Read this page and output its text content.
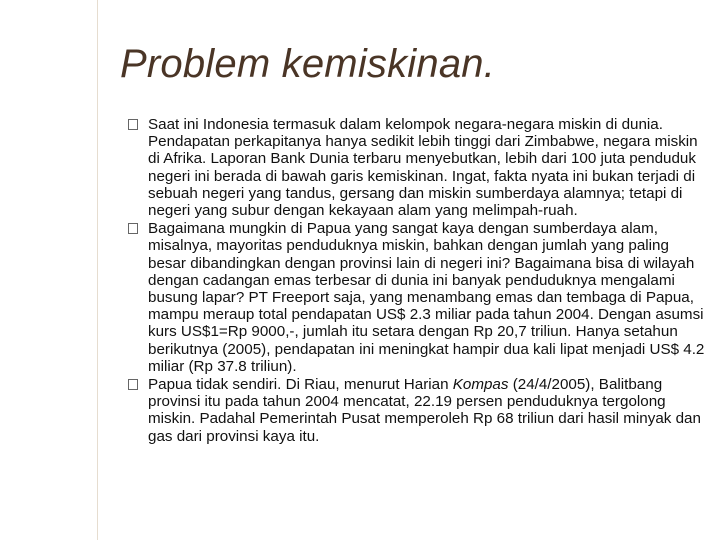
Problem kemiskinan.
Saat ini Indonesia termasuk dalam kelompok negara-negara miskin di dunia. Pendapatan perkapitanya hanya sedikit lebih tinggi dari Zimbabwe, negara miskin di Afrika. Laporan Bank Dunia terbaru menyebutkan, lebih dari 100 juta penduduk negeri ini berada di bawah garis kemiskinan. Ingat, fakta nyata ini bukan terjadi di sebuah negeri yang tandus, gersang dan miskin sumberdaya alamnya; tetapi di negeri yang subur dengan kekayaan alam yang melimpah-ruah.
Bagaimana mungkin di Papua yang sangat kaya dengan sumberdaya alam, misalnya, mayoritas penduduknya miskin, bahkan dengan jumlah yang paling besar dibandingkan dengan provinsi lain di negeri ini? Bagaimana bisa di wilayah dengan cadangan emas terbesar di dunia ini banyak penduduknya mengalami busung lapar? PT Freeport saja, yang menambang emas dan tembaga di Papua, mampu meraup total pendapatan US$ 2.3 miliar pada tahun 2004. Dengan asumsi kurs US$1=Rp 9000,-, jumlah itu setara dengan Rp 20,7 triliun. Hanya setahun berikutnya (2005), pendapatan ini meningkat hampir dua kali lipat menjadi US$ 4.2 miliar (Rp 37.8 triliun).
Papua tidak sendiri. Di Riau, menurut Harian Kompas (24/4/2005), Balitbang provinsi itu pada tahun 2004 mencatat, 22.19 persen penduduknya tergolong miskin. Padahal Pemerintah Pusat memperoleh Rp 68 triliun dari hasil minyak dan gas dari provinsi kaya itu.
